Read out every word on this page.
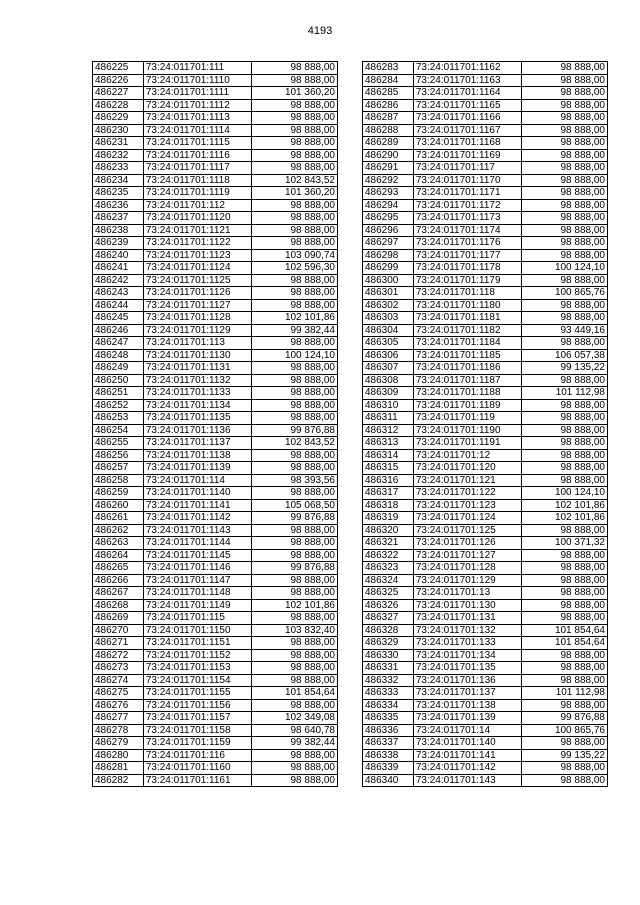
4193
486225	73:24:011701:111	98 888,00
486226	73:24:011701:1110	98 888,00
486227	73:24:011701:1111	101 360,20
486228	73:24:011701:1112	98 888,00
486229	73:24:011701:1113	98 888,00
486230	73:24:011701:1114	98 888,00
486231	73:24:011701:1115	98 888,00
486232	73:24:011701:1116	98 888,00
486233	73:24:011701:1117	98 888,00
486234	73:24:011701:1118	102 843,52
486235	73:24:011701:1119	101 360,20
486236	73:24:011701:112	98 888,00
486237	73:24:011701:1120	98 888,00
486238	73:24:011701:1121	98 888,00
486239	73:24:011701:1122	98 888,00
486240	73:24:011701:1123	103 090,74
486241	73:24:011701:1124	102 596,30
486242	73:24:011701:1125	98 888,00
486243	73:24:011701:1126	98 888,00
486244	73:24:011701:1127	98 888,00
486245	73:24:011701:1128	102 101,86
486246	73:24:011701:1129	99 382,44
486247	73:24:011701:113	98 888,00
486248	73:24:011701:1130	100 124,10
486249	73:24:011701:1131	98 888,00
486250	73:24:011701:1132	98 888,00
486251	73:24:011701:1133	98 888,00
486252	73:24:011701:1134	98 888,00
486253	73:24:011701:1135	98 888,00
486254	73:24:011701:1136	99 876,88
486255	73:24:011701:1137	102 843,52
486256	73:24:011701:1138	98 888,00
486257	73:24:011701:1139	98 888,00
486258	73:24:011701:114	98 393,56
486259	73:24:011701:1140	98 888,00
486260	73:24:011701:1141	105 068,50
486261	73:24:011701:1142	99 876,88
486262	73:24:011701:1143	98 888,00
486263	73:24:011701:1144	98 888,00
486264	73:24:011701:1145	98 888,00
486265	73:24:011701:1146	99 876,88
486266	73:24:011701:1147	98 888,00
486267	73:24:011701:1148	98 888,00
486268	73:24:011701:1149	102 101,86
486269	73:24:011701:115	98 888,00
486270	73:24:011701:1150	103 832,40
486271	73:24:011701:1151	98 888,00
486272	73:24:011701:1152	98 888,00
486273	73:24:011701:1153	98 888,00
486274	73:24:011701:1154	98 888,00
486275	73:24:011701:1155	101 854,64
486276	73:24:011701:1156	98 888,00
486277	73:24:011701:1157	102 349,08
486278	73:24:011701:1158	98 640,78
486279	73:24:011701:1159	99 382,44
486280	73:24:011701:116	98 888,00
486281	73:24:011701:1160	98 888,00
486282	73:24:011701:1161	98 888,00
486283	73:24:011701:1162	98 888,00
486284	73:24:011701:1163	98 888,00
486285	73:24:011701:1164	98 888,00
486286	73:24:011701:1165	98 888,00
486287	73:24:011701:1166	98 888,00
486288	73:24:011701:1167	98 888,00
486289	73:24:011701:1168	98 888,00
486290	73:24:011701:1169	98 888,00
486291	73:24:011701:117	98 888,00
486292	73:24:011701:1170	98 888,00
486293	73:24:011701:1171	98 888,00
486294	73:24:011701:1172	98 888,00
486295	73:24:011701:1173	98 888,00
486296	73:24:011701:1174	98 888,00
486297	73:24:011701:1176	98 888,00
486298	73:24:011701:1177	98 888,00
486299	73:24:011701:1178	100 124,10
486300	73:24:011701:1179	98 888,00
486301	73:24:011701:118	100 865,76
486302	73:24:011701:1180	98 888,00
486303	73:24:011701:1181	98 888,00
486304	73:24:011701:1182	93 449,16
486305	73:24:011701:1184	98 888,00
486306	73:24:011701:1185	106 057,38
486307	73:24:011701:1186	99 135,22
486308	73:24:011701:1187	98 888,00
486309	73:24:011701:1188	101 112,98
486310	73:24:011701:1189	98 888,00
486311	73:24:011701:119	98 888,00
486312	73:24:011701:1190	98 888,00
486313	73:24:011701:1191	98 888,00
486314	73:24:011701:12	98 888,00
486315	73:24:011701:120	98 888,00
486316	73:24:011701:121	98 888,00
486317	73:24:011701:122	100 124,10
486318	73:24:011701:123	102 101,86
486319	73:24:011701:124	102 101,86
486320	73:24:011701:125	98 888,00
486321	73:24:011701:126	100 371,32
486322	73:24:011701:127	98 888,00
486323	73:24:011701:128	98 888,00
486324	73:24:011701:129	98 888,00
486325	73:24:011701:13	98 888,00
486326	73:24:011701:130	98 888,00
486327	73:24:011701:131	98 888,00
486328	73:24:011701:132	101 854,64
486329	73:24:011701:133	101 854,64
486330	73:24:011701:134	98 888,00
486331	73:24:011701:135	98 888,00
486332	73:24:011701:136	98 888,00
486333	73:24:011701:137	101 112,98
486334	73:24:011701:138	98 888,00
486335	73:24:011701:139	99 876,88
486336	73:24:011701:14	100 865,76
486337	73:24:011701:140	98 888,00
486338	73:24:011701:141	99 135,22
486339	73:24:011701:142	98 888,00
486340	73:24:011701:143	98 888,00
